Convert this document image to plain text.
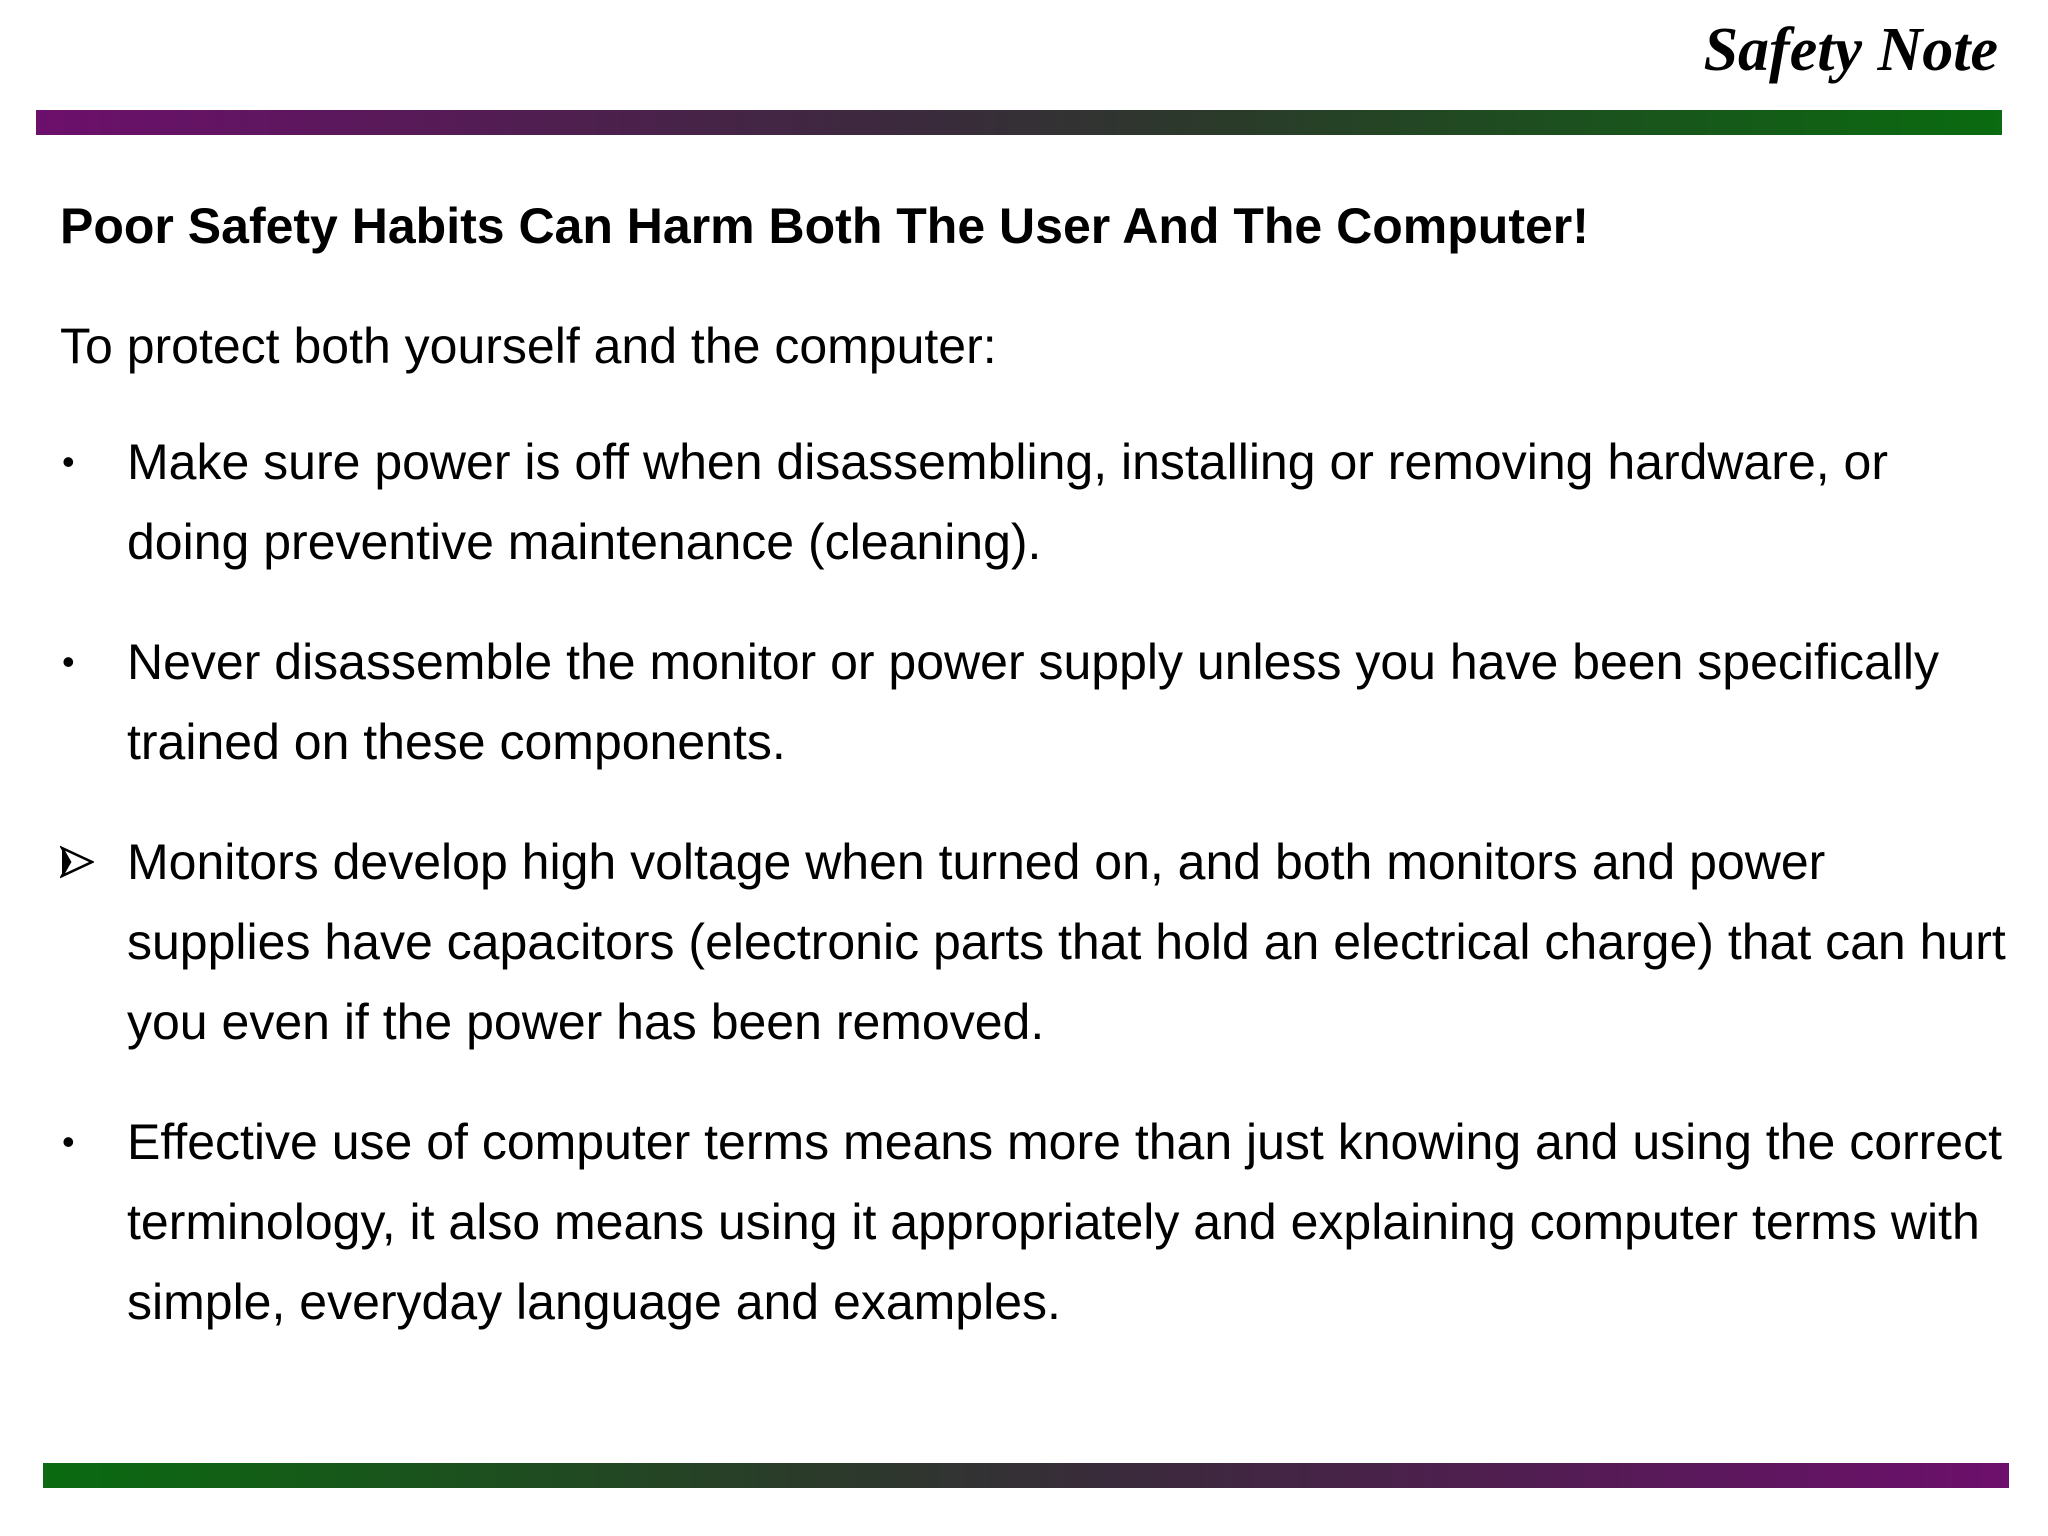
Safety Note

Poor Safety Habits Can Harm Both The User And The Computer!

To protect both yourself and the computer:

• Make sure power is off when disassembling, installing or removing hardware, or doing preventive maintenance (cleaning).
• Never disassemble the monitor or power supply unless you have been specifically trained on these components.
Monitors develop high voltage when turned on, and both monitors and power supplies have capacitors (electronic parts that hold an electrical charge) that can hurt you even if the power has been removed.
• Effective use of computer terms means more than just knowing and using the correct terminology, it also means using it appropriately and explaining computer terms with simple, everyday language and examples.
